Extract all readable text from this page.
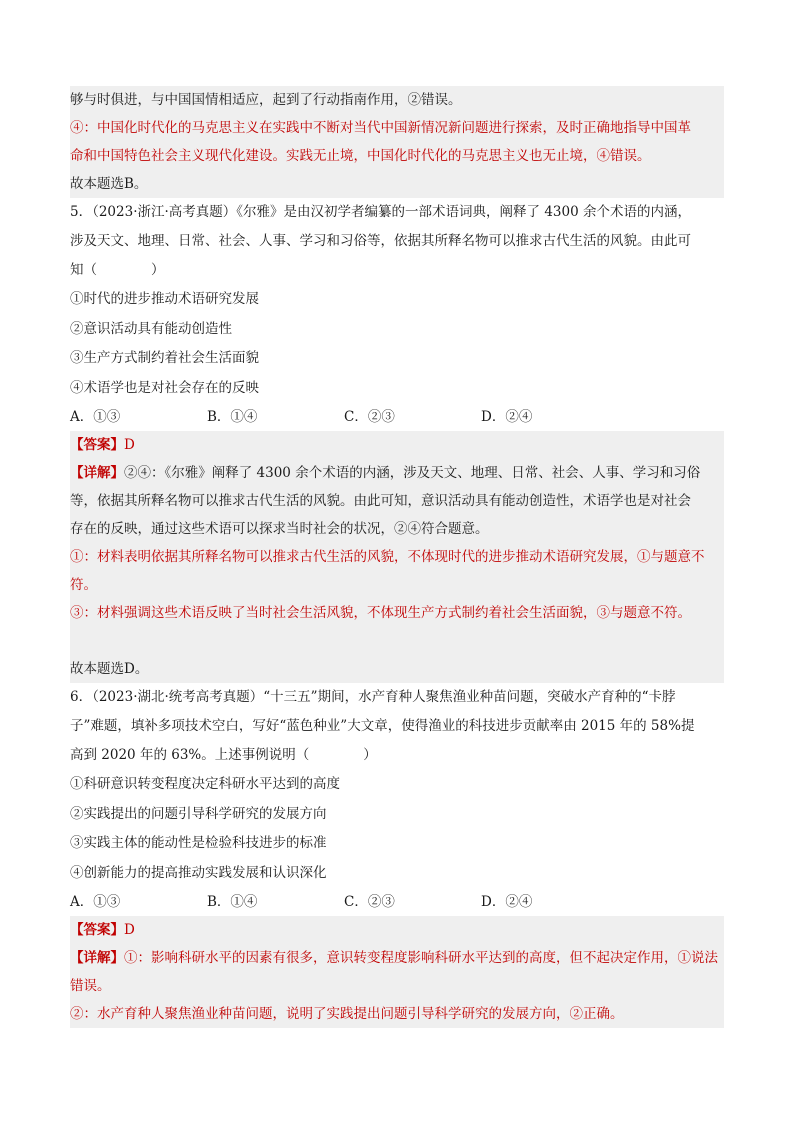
够与时俱进，与中国国情相适应，起到了行动指南作用，②错误。
④：中国化时代化的马克思主义在实践中不断对当代中国新情况新问题进行探索，及时正确地指导中国革
命和中国特色社会主义现代化建设。实践无止境，中国化时代化的马克思主义也无止境，④错误。
故本题选B。
5．（2023·浙江·高考真题）《尔雅》是由汉初学者编纂的一部术语词典，阐释了 4300 余个术语的内涵，
涉及天文、地理、日常、社会、人事、学习和习俗等，依据其所释名物可以推求古代生活的风貌。由此可
知（　　　　）
①时代的进步推动术语研究发展
②意识活动具有能动创造性
③生产方式制约着社会生活面貌
④术语学也是对社会存在的反映
A．①③	B．①④	C．②③	D．②④
【答案】D
【详解】②④：《尔雅》阐释了 4300 余个术语的内涵，涉及天文、地理、日常、社会、人事、学习和习俗
等，依据其所释名物可以推求古代生活的风貌。由此可知，意识活动具有能动创造性，术语学也是对社会
存在的反映，通过这些术语可以探求当时社会的状况，②④符合题意。
①：材料表明依据其所释名物可以推求古代生活的风貌，不体现时代的进步推动术语研究发展，①与题意不
符。
③：材料强调这些术语反映了当时社会生活风貌，不体现生产方式制约着社会生活面貌，③与题意不符。
故本题选D。
6．（2023·湖北·统考高考真题）“十三五”期间，水产育种人聚焦渔业种苗问题，突破水产育种的“卡脖
子”难题，填补多项技术空白，写好“蓝色种业”大文章，使得渔业的科技进步贡献率由 2015 年的 58%提
高到 2020 年的 63%。上述事例说明（　　　　）
①科研意识转变程度决定科研水平达到的高度
②实践提出的问题引导科学研究的发展方向
③实践主体的能动性是检验科技进步的标准
④创新能力的提高推动实践发展和认识深化
A．①③	B．①④	C．②③	D．②④
【答案】D
【详解】①：影响科研水平的因素有很多，意识转变程度影响科研水平达到的高度，但不起决定作用，①说法
错误。
②：水产育种人聚焦渔业种苗问题，说明了实践提出问题引导科学研究的发展方向，②正确。
